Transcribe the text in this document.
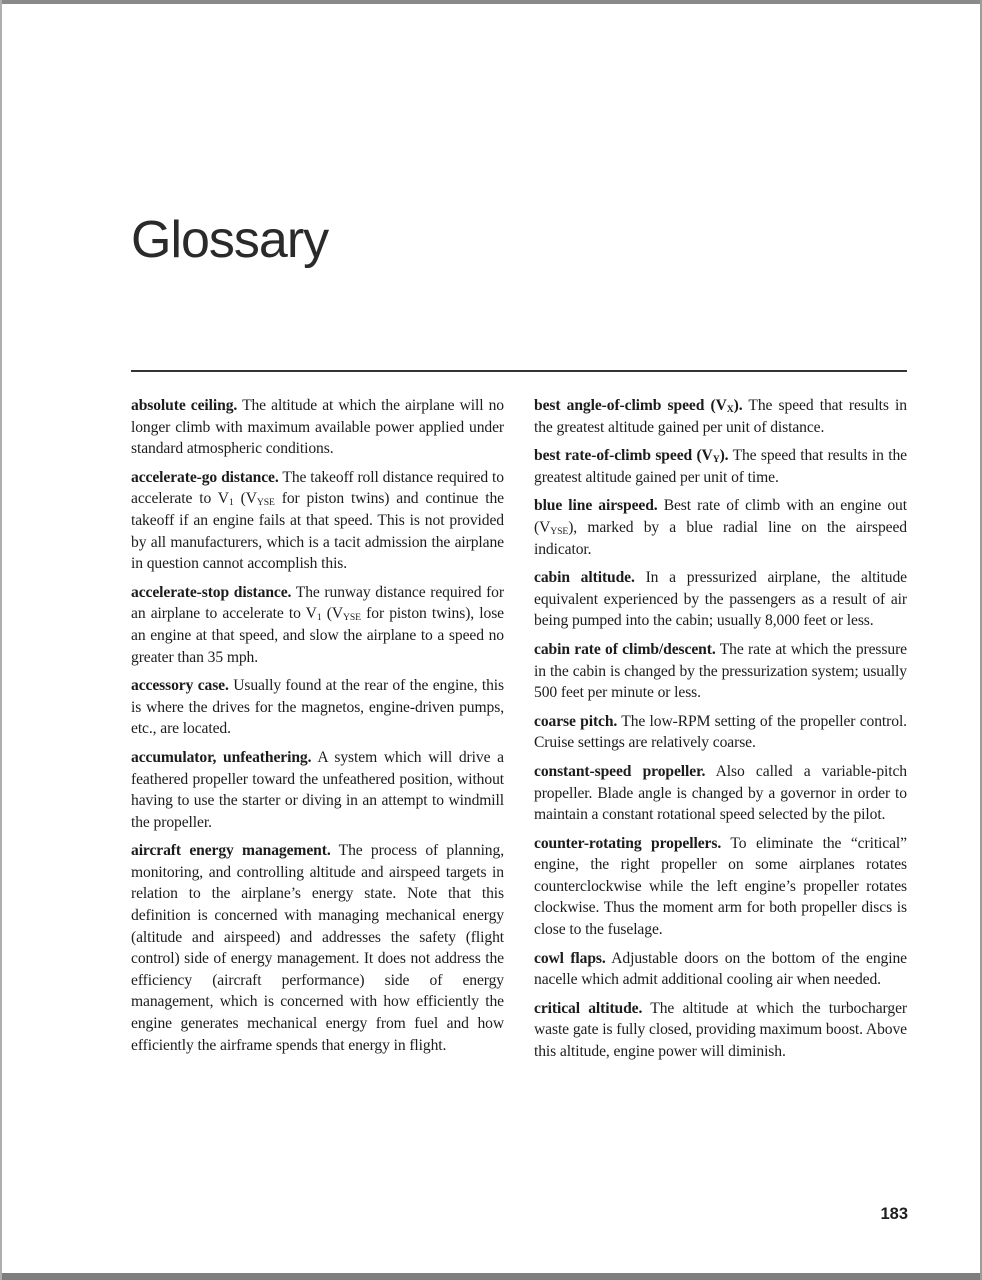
Glossary

absolute ceiling. The altitude at which the airplane will no longer climb with maximum available power applied under standard atmospheric conditions.

accelerate-go distance. The takeoff roll distance required to accelerate to $V_1$ ($V_{YSE}$ for piston twins) and continue the takeoff if an engine fails at that speed. This is not provided by all manufacturers, which is a tacit admission the airplane in question cannot accomplish this.

accelerate-stop distance. The runway distance required for an airplane to accelerate to $V_1$ ($V_{YSE}$ for piston twins), lose an engine at that speed, and slow the airplane to a speed no greater than 35 mph.

accessory case. Usually found at the rear of the engine, this is where the drives for the magnetos, engine-driven pumps, etc., are located.

accumulator, unfeathering. A system which will drive a feathered propeller toward the unfeathered position, without having to use the starter or diving in an attempt to windmill the propeller.

aircraft energy management. The process of planning, monitoring, and controlling altitude and airspeed targets in relation to the airplane’s energy state. Note that this definition is concerned with managing mechanical energy (altitude and airspeed) and addresses the safety (flight control) side of energy management. It does not address the efficiency (aircraft performance) side of energy management, which is concerned with how efficiently the engine generates mechanical energy from fuel and how efficiently the airframe spends that energy in flight.

best angle-of-climb speed $(V_X)$. The speed that results in the greatest altitude gained per unit of distance.

best rate-of-climb speed $(V_Y)$. The speed that results in the greatest altitude gained per unit of time.

blue line airspeed. Best rate of climb with an engine out $(V_{YSE})$, marked by a blue radial line on the airspeed indicator.

cabin altitude. In a pressurized airplane, the altitude equivalent experienced by the passengers as a result of air being pumped into the cabin; usually 8,000 feet or less.

cabin rate of climb/descent. The rate at which the pressure in the cabin is changed by the pressurization system; usually 500 feet per minute or less.

coarse pitch. The low-RPM setting of the propeller control. Cruise settings are relatively coarse.

constant-speed propeller. Also called a variable-pitch propeller. Blade angle is changed by a governor in order to maintain a constant rotational speed selected by the pilot.

counter-rotating propellers. To eliminate the “critical” engine, the right propeller on some airplanes rotates counterclockwise while the left engine’s propeller rotates clockwise. Thus the moment arm for both propeller discs is close to the fuselage.

cowl flaps. Adjustable doors on the bottom of the engine nacelle which admit additional cooling air when needed.

critical altitude. The altitude at which the turbocharger waste gate is fully closed, providing maximum boost. Above this altitude, engine power will diminish.

183
